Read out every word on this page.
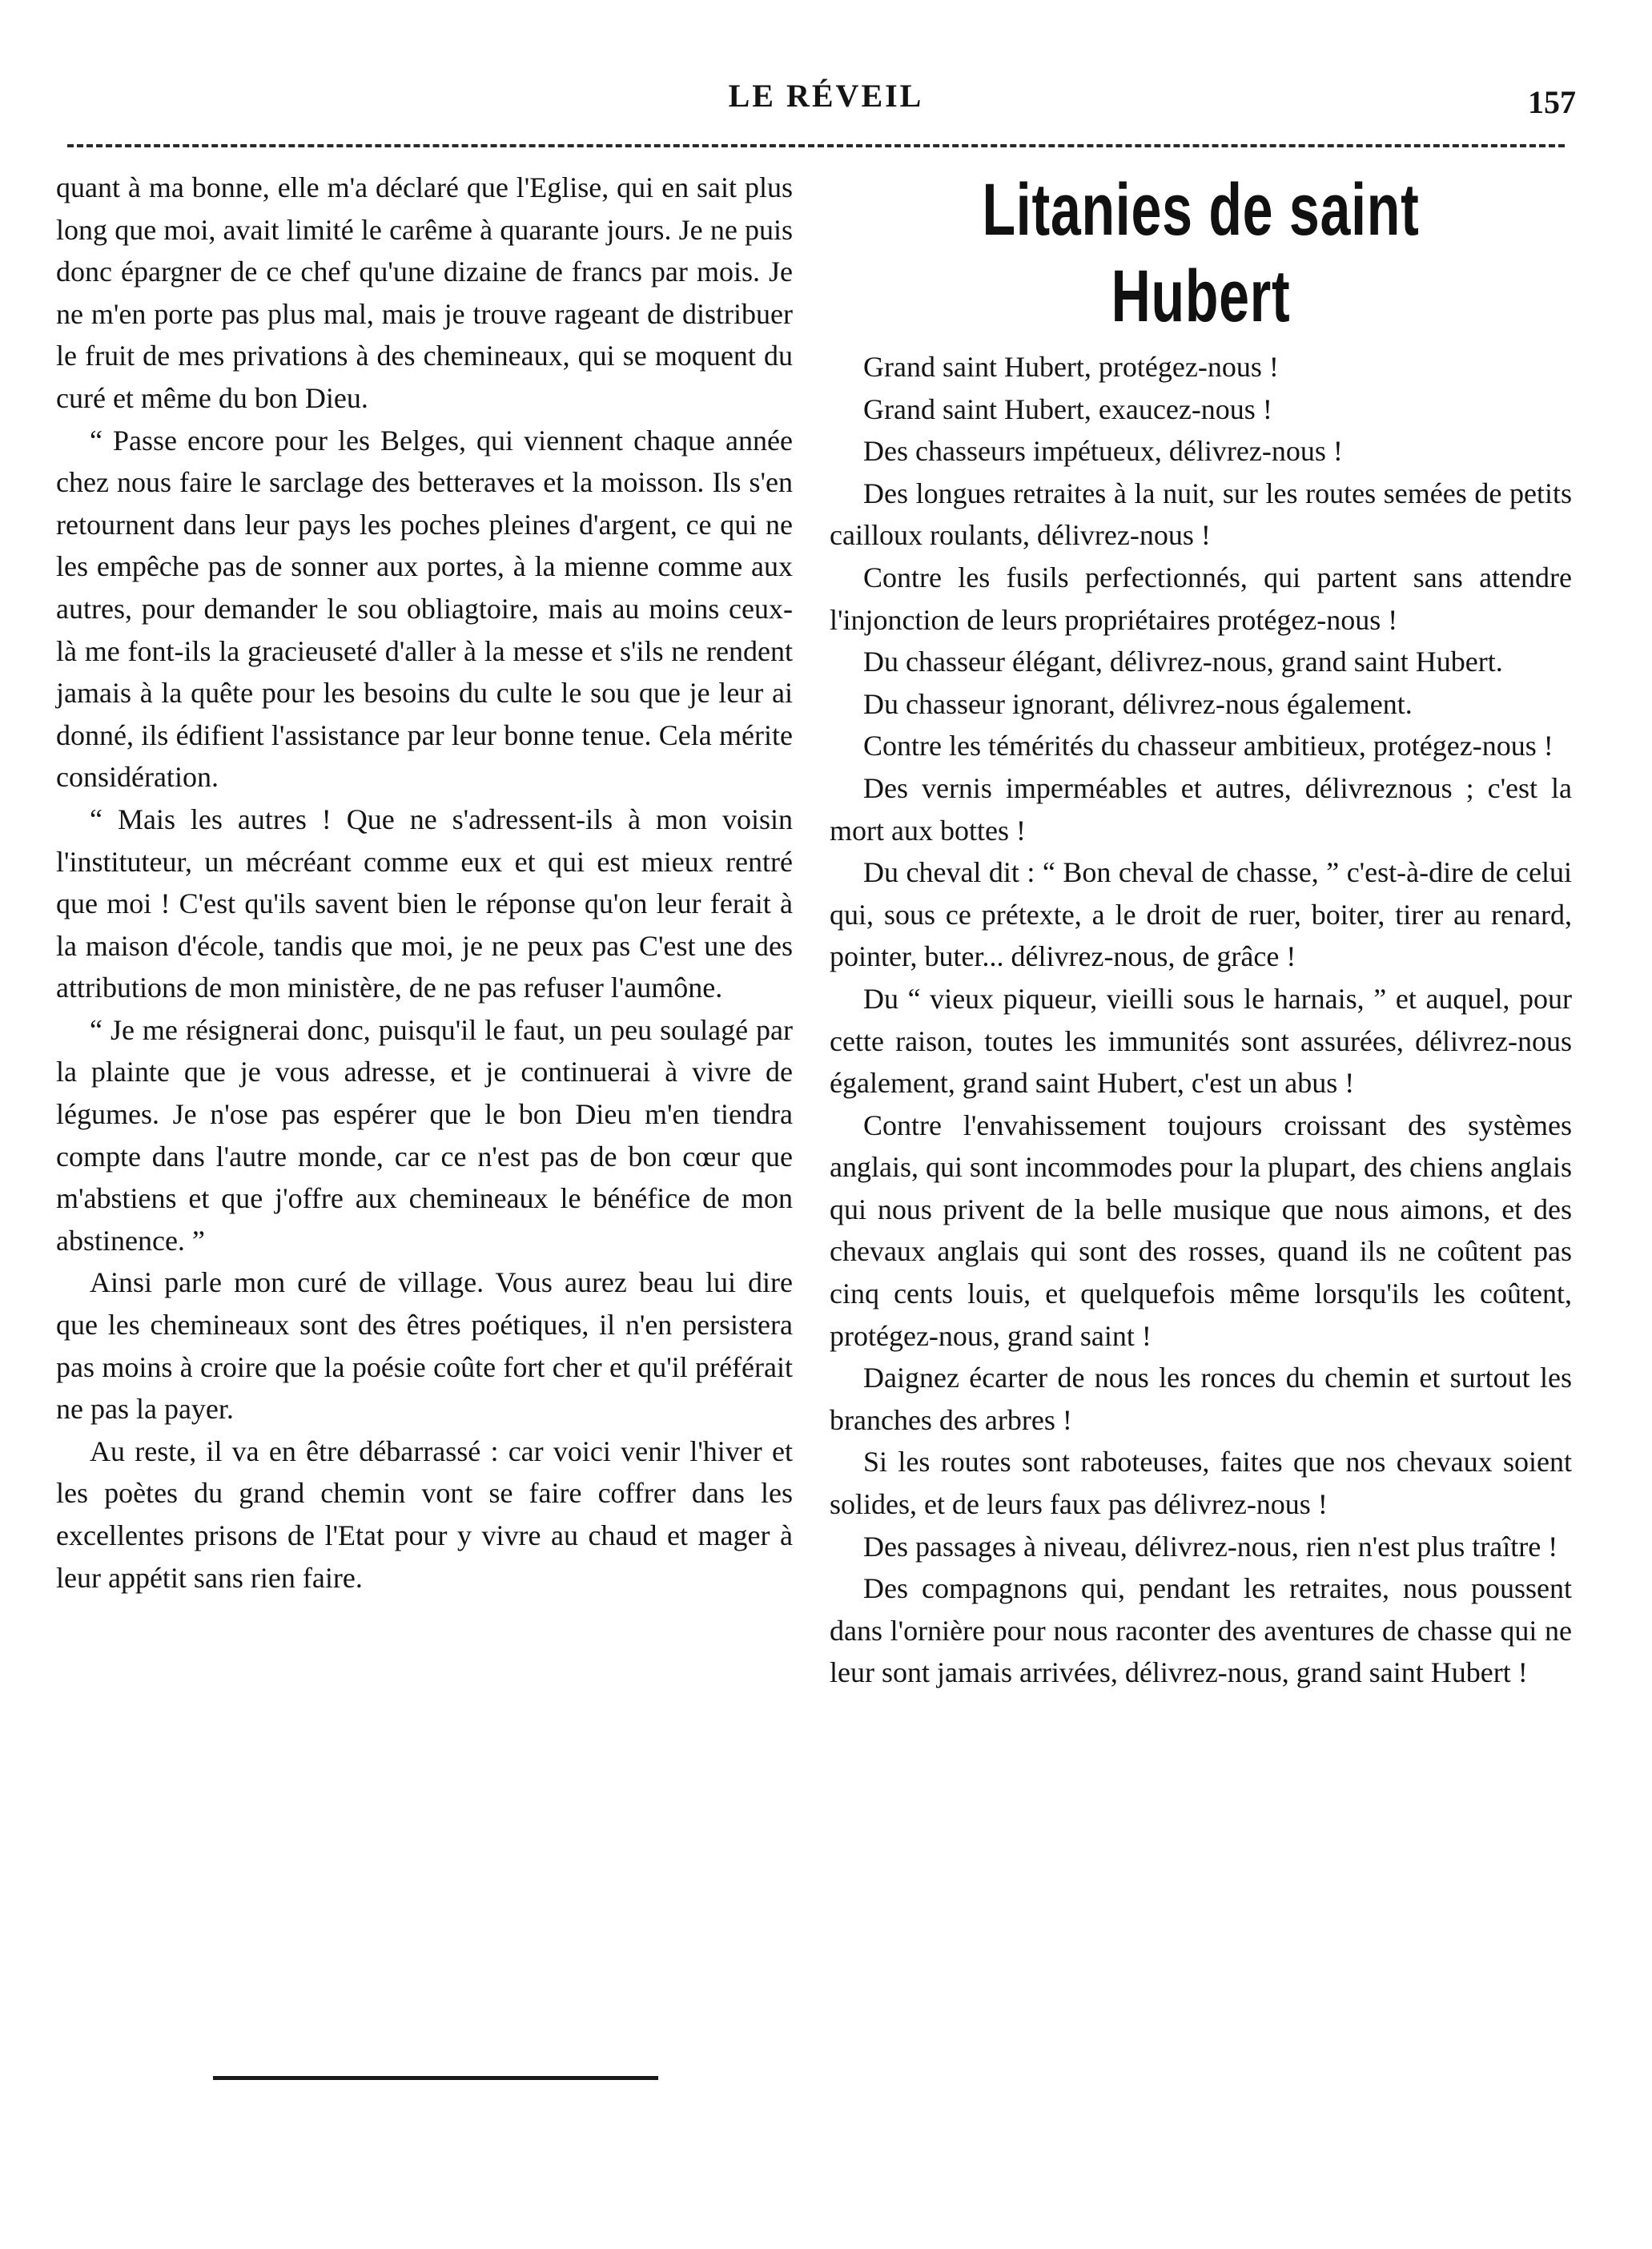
LE RÉVEIL	157

quant à ma bonne, elle m'a déclaré que l'Eglise, qui en sait plus long que moi, avait limité le carême à quarante jours. Je ne puis donc épargner de ce chef qu'une dizaine de francs par mois. Je ne m'en porte pas plus mal, mais je trouve rageant de distribuer le fruit de mes privations à des chemineaux, qui se moquent du curé et même du bon Dieu.

“ Passe encore pour les Belges, qui viennent chaque année chez nous faire le sarclage des betteraves et la moisson. Ils s'en retournent dans leur pays les poches pleines d'argent, ce qui ne les empêche pas de sonner aux portes, à la mienne comme aux autres, pour demander le sou obliagtoire, mais au moins ceux-là me font-ils la gracieuseté d'aller à la messe et s'ils ne rendent jamais à la quête pour les besoins du culte le sou que je leur ai donné, ils édifient l'assistance par leur bonne tenue. Cela mérite considération.

“ Mais les autres ! Que ne s'adressent-ils à mon voisin l'instituteur, un mécréant comme eux et qui est mieux rentré que moi ! C'est qu'ils savent bien le réponse qu'on leur ferait à la maison d'école, tandis que moi, je ne peux pas C'est une des attributions de mon ministère, de ne pas refuser l'aumône.

“ Je me résignerai donc, puisqu'il le faut, un peu soulagé par la plainte que je vous adresse, et je continuerai à vivre de légumes. Je n'ose pas espérer que le bon Dieu m'en tiendra compte dans l'autre monde, car ce n'est pas de bon cœur que m'abstiens et que j'offre aux chemineaux le bénéfice de mon abstinence. ”

Ainsi parle mon curé de village. Vous aurez beau lui dire que les chemineaux sont des êtres poétiques, il n'en persistera pas moins à croire que la poésie coûte fort cher et qu'il préférait ne pas la payer.

Au reste, il va en être débarrassé : car voici venir l'hiver et les poètes du grand chemin vont se faire coffrer dans les excellentes prisons de l'Etat pour y vivre au chaud et mager à leur appétit sans rien faire.

Litanies de saint Hubert

Grand saint Hubert, protégez-nous !

Grand saint Hubert, exaucez-nous !

Des chasseurs impétueux, délivrez-nous !

Des longues retraites à la nuit, sur les routes semées de petits cailloux roulants, délivrez-nous !

Contre les fusils perfectionnés, qui partent sans attendre l'injonction de leurs propriétaires protégez-nous !

Du chasseur élégant, délivrez-nous, grand saint Hubert.

Du chasseur ignorant, délivrez-nous également.

Contre les témérités du chasseur ambitieux, protégez-nous !

Des vernis imperméables et autres, délivreznous ; c'est la mort aux bottes !

Du cheval dit : “ Bon cheval de chasse, ” c'est-à-dire de celui qui, sous ce prétexte, a le droit de ruer, boiter, tirer au renard, pointer, buter... délivrez-nous, de grâce !

Du “ vieux piqueur, vieilli sous le harnais, ” et auquel, pour cette raison, toutes les immunités sont assurées, délivrez-nous également, grand saint Hubert, c'est un abus !

Contre l'envahissement toujours croissant des systèmes anglais, qui sont incommodes pour la plupart, des chiens anglais qui nous privent de la belle musique que nous aimons, et des chevaux anglais qui sont des rosses, quand ils ne coûtent pas cinq cents louis, et quelquefois même lorsqu'ils les coûtent, protégez-nous, grand saint !

Daignez écarter de nous les ronces du chemin et surtout les branches des arbres !

Si les routes sont raboteuses, faites que nos chevaux soient solides, et de leurs faux pas délivrez-nous !

Des passages à niveau, délivrez-nous, rien n'est plus traître !

Des compagnons qui, pendant les retraites, nous poussent dans l'ornière pour nous raconter des aventures de chasse qui ne leur sont jamais arrivées, délivrez-nous, grand saint Hubert !
